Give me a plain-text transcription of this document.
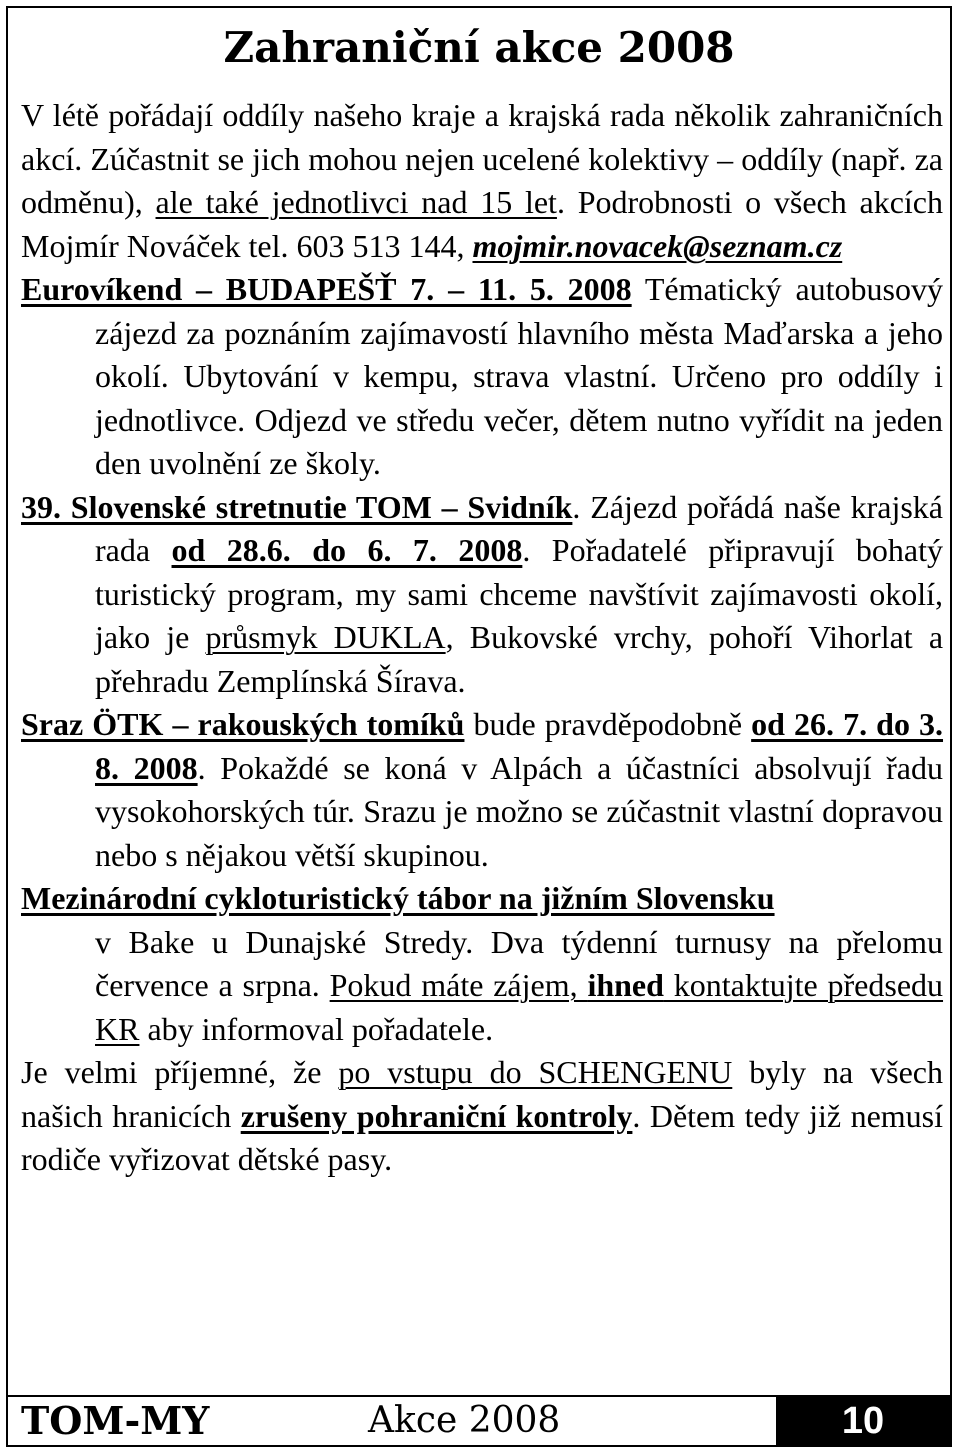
Zahraniční akce 2008

V létě pořádají oddíly našeho kraje a krajská rada několik zahraničních akcí. Zúčastnit se jich mohou nejen ucelené kolektivy – oddíly (např. za odměnu), ale také jednotlivci nad 15 let. Podrobnosti o všech akcích Mojmír Nováček tel. 603 513 144, mojmir.novacek@seznam.cz

Eurovíkend – BUDAPEŠŤ 7. – 11. 5. 2008 Tématický autobusový zájezd za poznáním zajímavostí hlavního města Maďarska a jeho okolí. Ubytování v kempu, strava vlastní. Určeno pro oddíly i jednotlivce. Odjezd ve středu večer, dětem nutno vyřídit na jeden den uvolnění ze školy.

39. Slovenské stretnutie TOM – Svidník. Zájezd pořádá naše krajská rada od 28.6. do 6. 7. 2008. Pořadatelé připravují bohatý turistický program, my sami chceme navštívit zajímavosti okolí, jako je průsmyk DUKLA, Bukovské vrchy, pohoří Vihorlat a přehradu Zemplínská Šírava.

Sraz ÖTK – rakouských tomíků bude pravděpodobně od 26. 7. do 3. 8. 2008. Pokaždé se koná v Alpách a účastníci absolvují řadu vysokohorských túr. Srazu je možno se zúčastnit vlastní dopravou nebo s nějakou větší skupinou.

Mezinárodní cykloturistický tábor na jižním Slovensku

v Bake u Dunajské Stredy. Dva týdenní turnusy na přelomu července a srpna. Pokud máte zájem, ihned kontaktujte předsedu KR aby informoval pořadatele.

Je velmi příjemné, že po vstupu do SCHENGENU byly na všech našich hranicích zrušeny pohraniční kontroly. Dětem tedy již nemusí rodiče vyřizovat dětské pasy.

TOM-MY	Akce 2008	10
